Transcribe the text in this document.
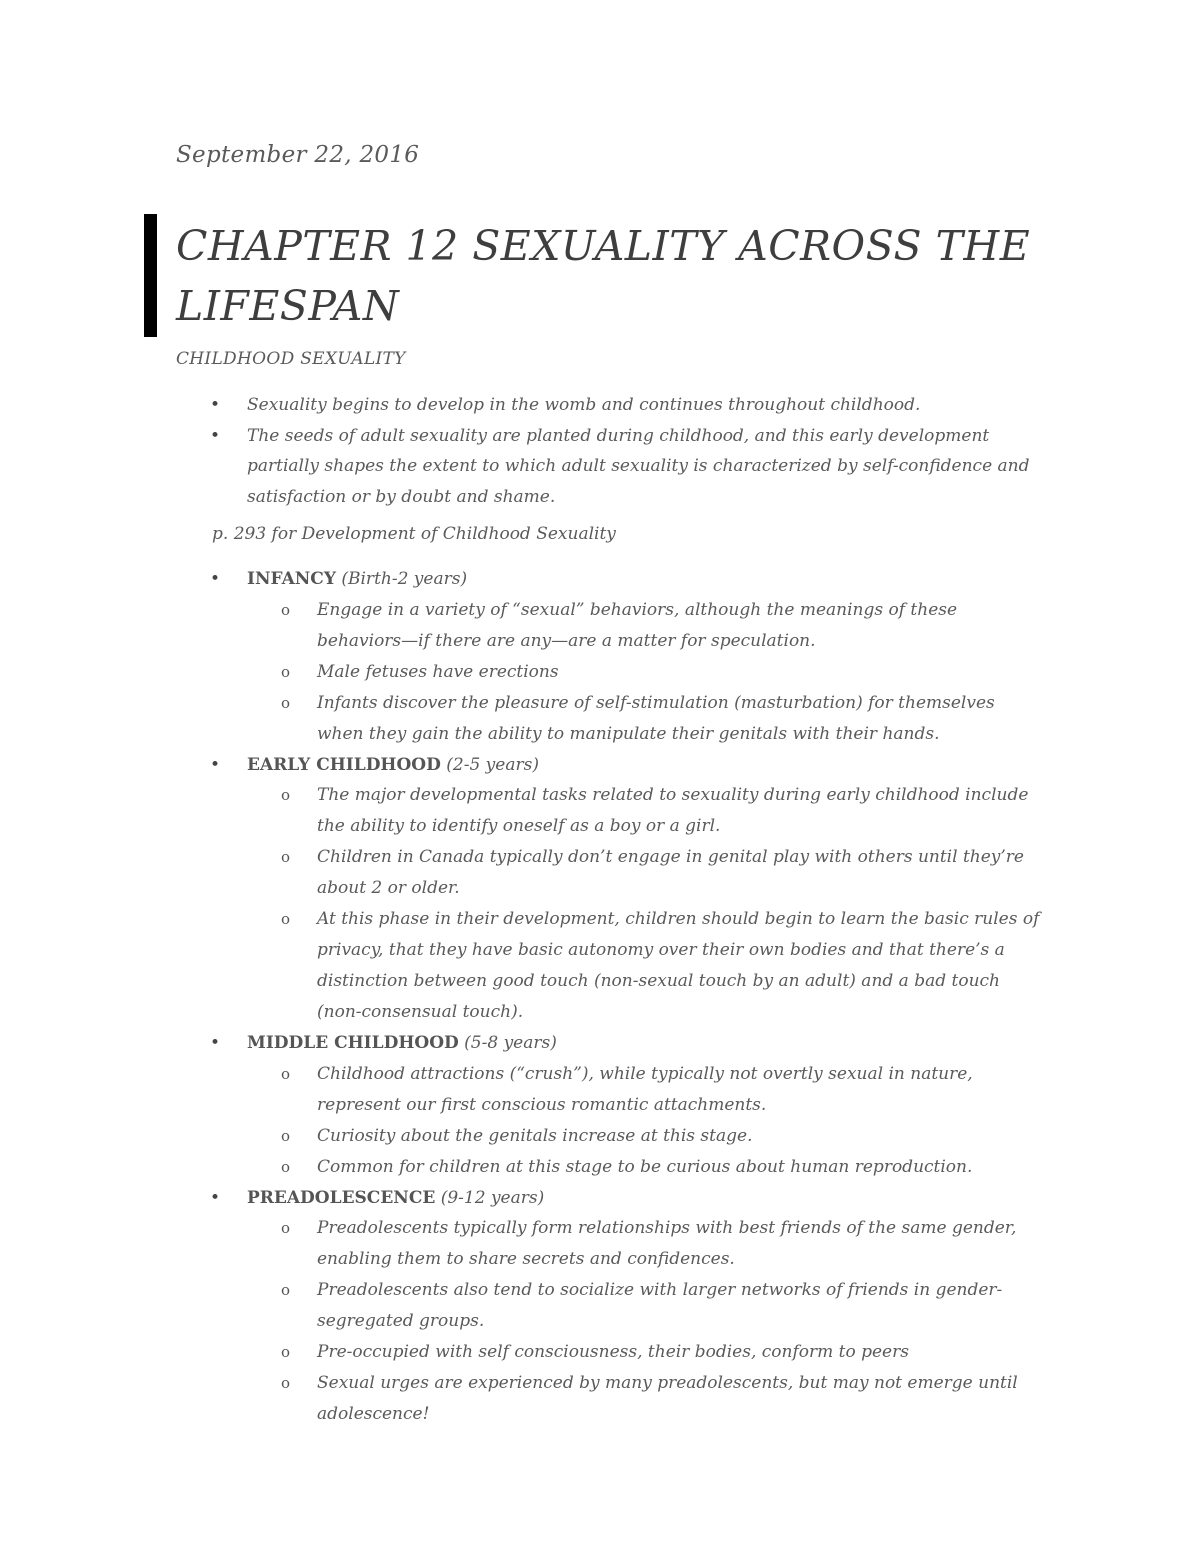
September 22, 2016
CHAPTER 12 SEXUALITY ACROSS THE LIFESPAN
CHILDHOOD SEXUALITY
• Sexuality begins to develop in the womb and continues throughout childhood.
• The seeds of adult sexuality are planted during childhood, and this early development partially shapes the extent to which adult sexuality is characterized by self-confidence and satisfaction or by doubt and shame.
p. 293 for Development of Childhood Sexuality
• INFANCY (Birth-2 years)
o Engage in a variety of “sexual” behaviors, although the meanings of these behaviors—if there are any—are a matter for speculation.
o Male fetuses have erections
o Infants discover the pleasure of self-stimulation (masturbation) for themselves when they gain the ability to manipulate their genitals with their hands.
• EARLY CHILDHOOD (2-5 years)
o The major developmental tasks related to sexuality during early childhood include the ability to identify oneself as a boy or a girl.
o Children in Canada typically don’t engage in genital play with others until they’re about 2 or older.
o At this phase in their development, children should begin to learn the basic rules of privacy, that they have basic autonomy over their own bodies and that there’s a distinction between good touch (non-sexual touch by an adult) and a bad touch (non-consensual touch).
• MIDDLE CHILDHOOD (5-8 years)
o Childhood attractions (“crush”), while typically not overtly sexual in nature, represent our first conscious romantic attachments.
o Curiosity about the genitals increase at this stage.
o Common for children at this stage to be curious about human reproduction.
• PREADOLESCENCE (9-12 years)
o Preadolescents typically form relationships with best friends of the same gender, enabling them to share secrets and confidences.
o Preadolescents also tend to socialize with larger networks of friends in gender-segregated groups.
o Pre-occupied with self consciousness, their bodies, conform to peers
o Sexual urges are experienced by many preadolescents, but may not emerge until adolescence!
